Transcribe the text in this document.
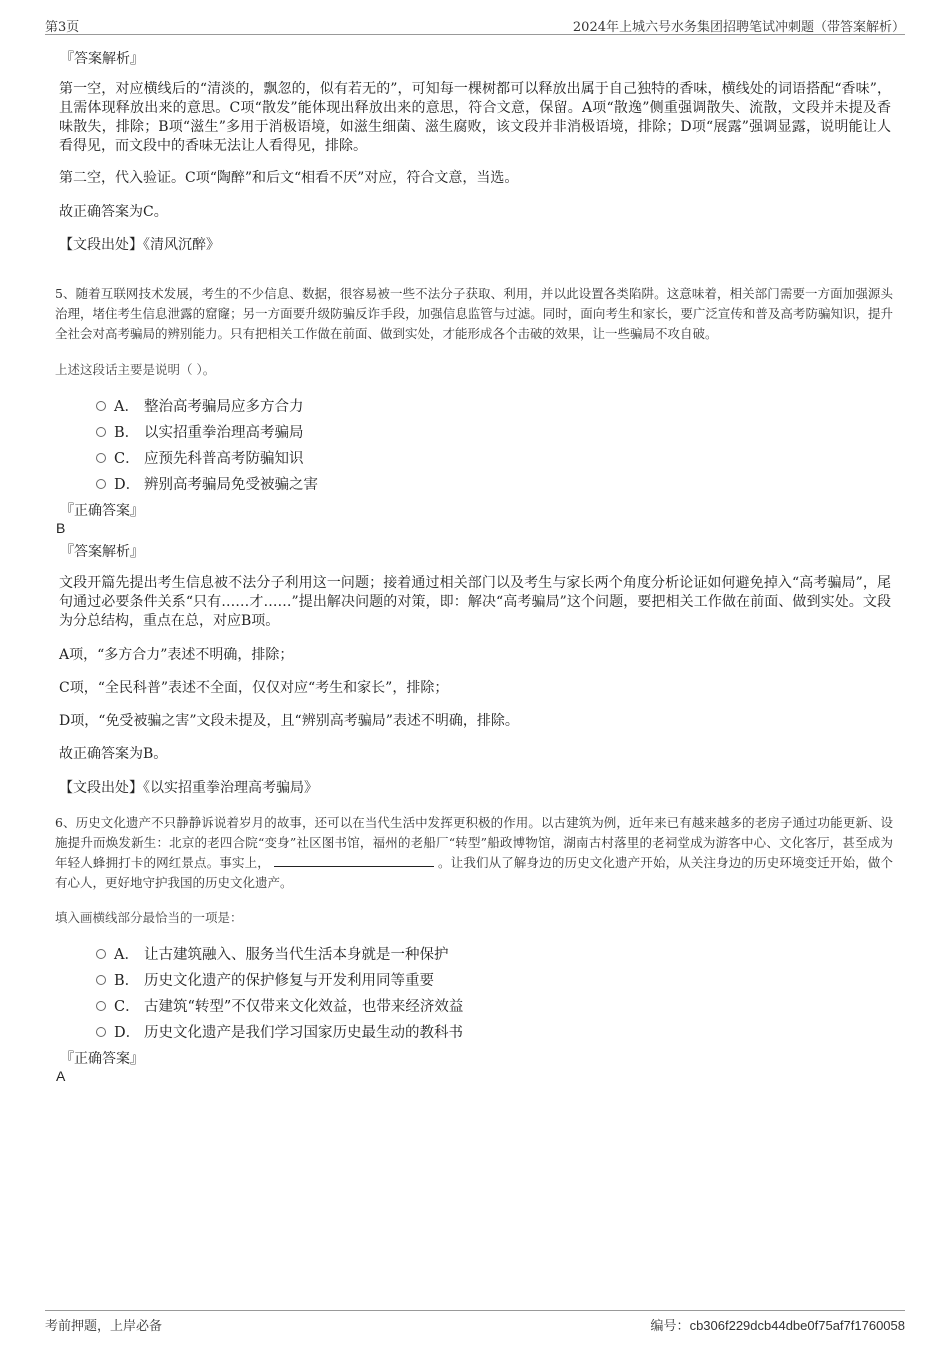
第3页	2024年上城六号水务集团招聘笔试冲刺题（带答案解析）
『答案解析』
第一空，对应横线后的“清淡的，飘忽的，似有若无的”，可知每一棵树都可以释放出属于自己独特的香味，横线处的词语搭配“香味”，且需体现释放出来的意思。C项“散发”能体现出释放出来的意思，符合文意，保留。A项“散逸”侧重强调散失、流散，文段并未提及香味散失，排除；B项“滋生”多用于消极语境，如滋生细菌、滋生腐败，该文段并非消极语境，排除；D项“展露”强调显露，说明能让人看得见，而文段中的香味无法让人看得见，排除。
第二空，代入验证。C项“陶醉”和后文“相看不厌”对应，符合文意，当选。
故正确答案为C。
【文段出处】《清风沉醉》
5、随着互联网技术发展，考生的不少信息、数据，很容易被一些不法分子获取、利用，并以此设置各类陷阱。这意味着，相关部门需要一方面加强源头治理，堵住考生信息泄露的窟窿；另一方面要升级防骗反诈手段，加强信息监管与过滤。同时，面向考生和家长，要广泛宣传和普及高考防骗知识，提升全社会对高考骗局的辨别能力。只有把相关工作做在前面、做到实处，才能形成各个击破的效果，让一些骗局不攻自破。
上述这段话主要是说明（ ）。
A． 整治高考骗局应多方合力
B． 以实招重拳治理高考骗局
C． 应预先科普高考防骗知识
D． 辨别高考骗局免受被骗之害
『正确答案』
B
『答案解析』
文段开篇先提出考生信息被不法分子利用这一问题；接着通过相关部门以及考生与家长两个角度分析论证如何避免掉入“高考骗局”，尾句通过必要条件关系“只有……才……”提出解决问题的对策，即：解决“高考骗局”这个问题，要把相关工作做在前面、做到实处。文段为分总结构，重点在总，对应B项。
A项，“多方合力”表述不明确，排除；
C项，“全民科普”表述不全面，仅仅对应“考生和家长”，排除；
D项，“免受被骗之害”文段未提及，且“辨别高考骗局”表述不明确，排除。
故正确答案为B。
【文段出处】《以实招重拳治理高考骗局》
6、历史文化遗产不只静静诉说着岁月的故事，还可以在当代生活中发挥更积极的作用。以古建筑为例，近年来已有越来越多的老房子通过功能更新、设施提升而焕发新生：北京的老四合院“变身”社区图书馆，福州的老船厂“转型”船政博物馆，湖南古村落里的老祠堂成为游客中心、文化客厅，甚至成为年轻人蜂拥打卡的网红景点。事实上，	。让我们从了解身边的历史文化遗产开始，从关注身边的历史环境变迁开始，做个有心人，更好地守护我国的历史文化遗产。
填入画横线部分最恰当的一项是：
A． 让古建筑融入、服务当代生活本身就是一种保护
B． 历史文化遗产的保护修复与开发利用同等重要
C． 古建筑“转型”不仅带来文化效益，也带来经济效益
D． 历史文化遗产是我们学习国家历史最生动的教科书
『正确答案』
A
考前押题，上岸必备	编号：cb306f229dcb44dbe0f75af7f1760058
